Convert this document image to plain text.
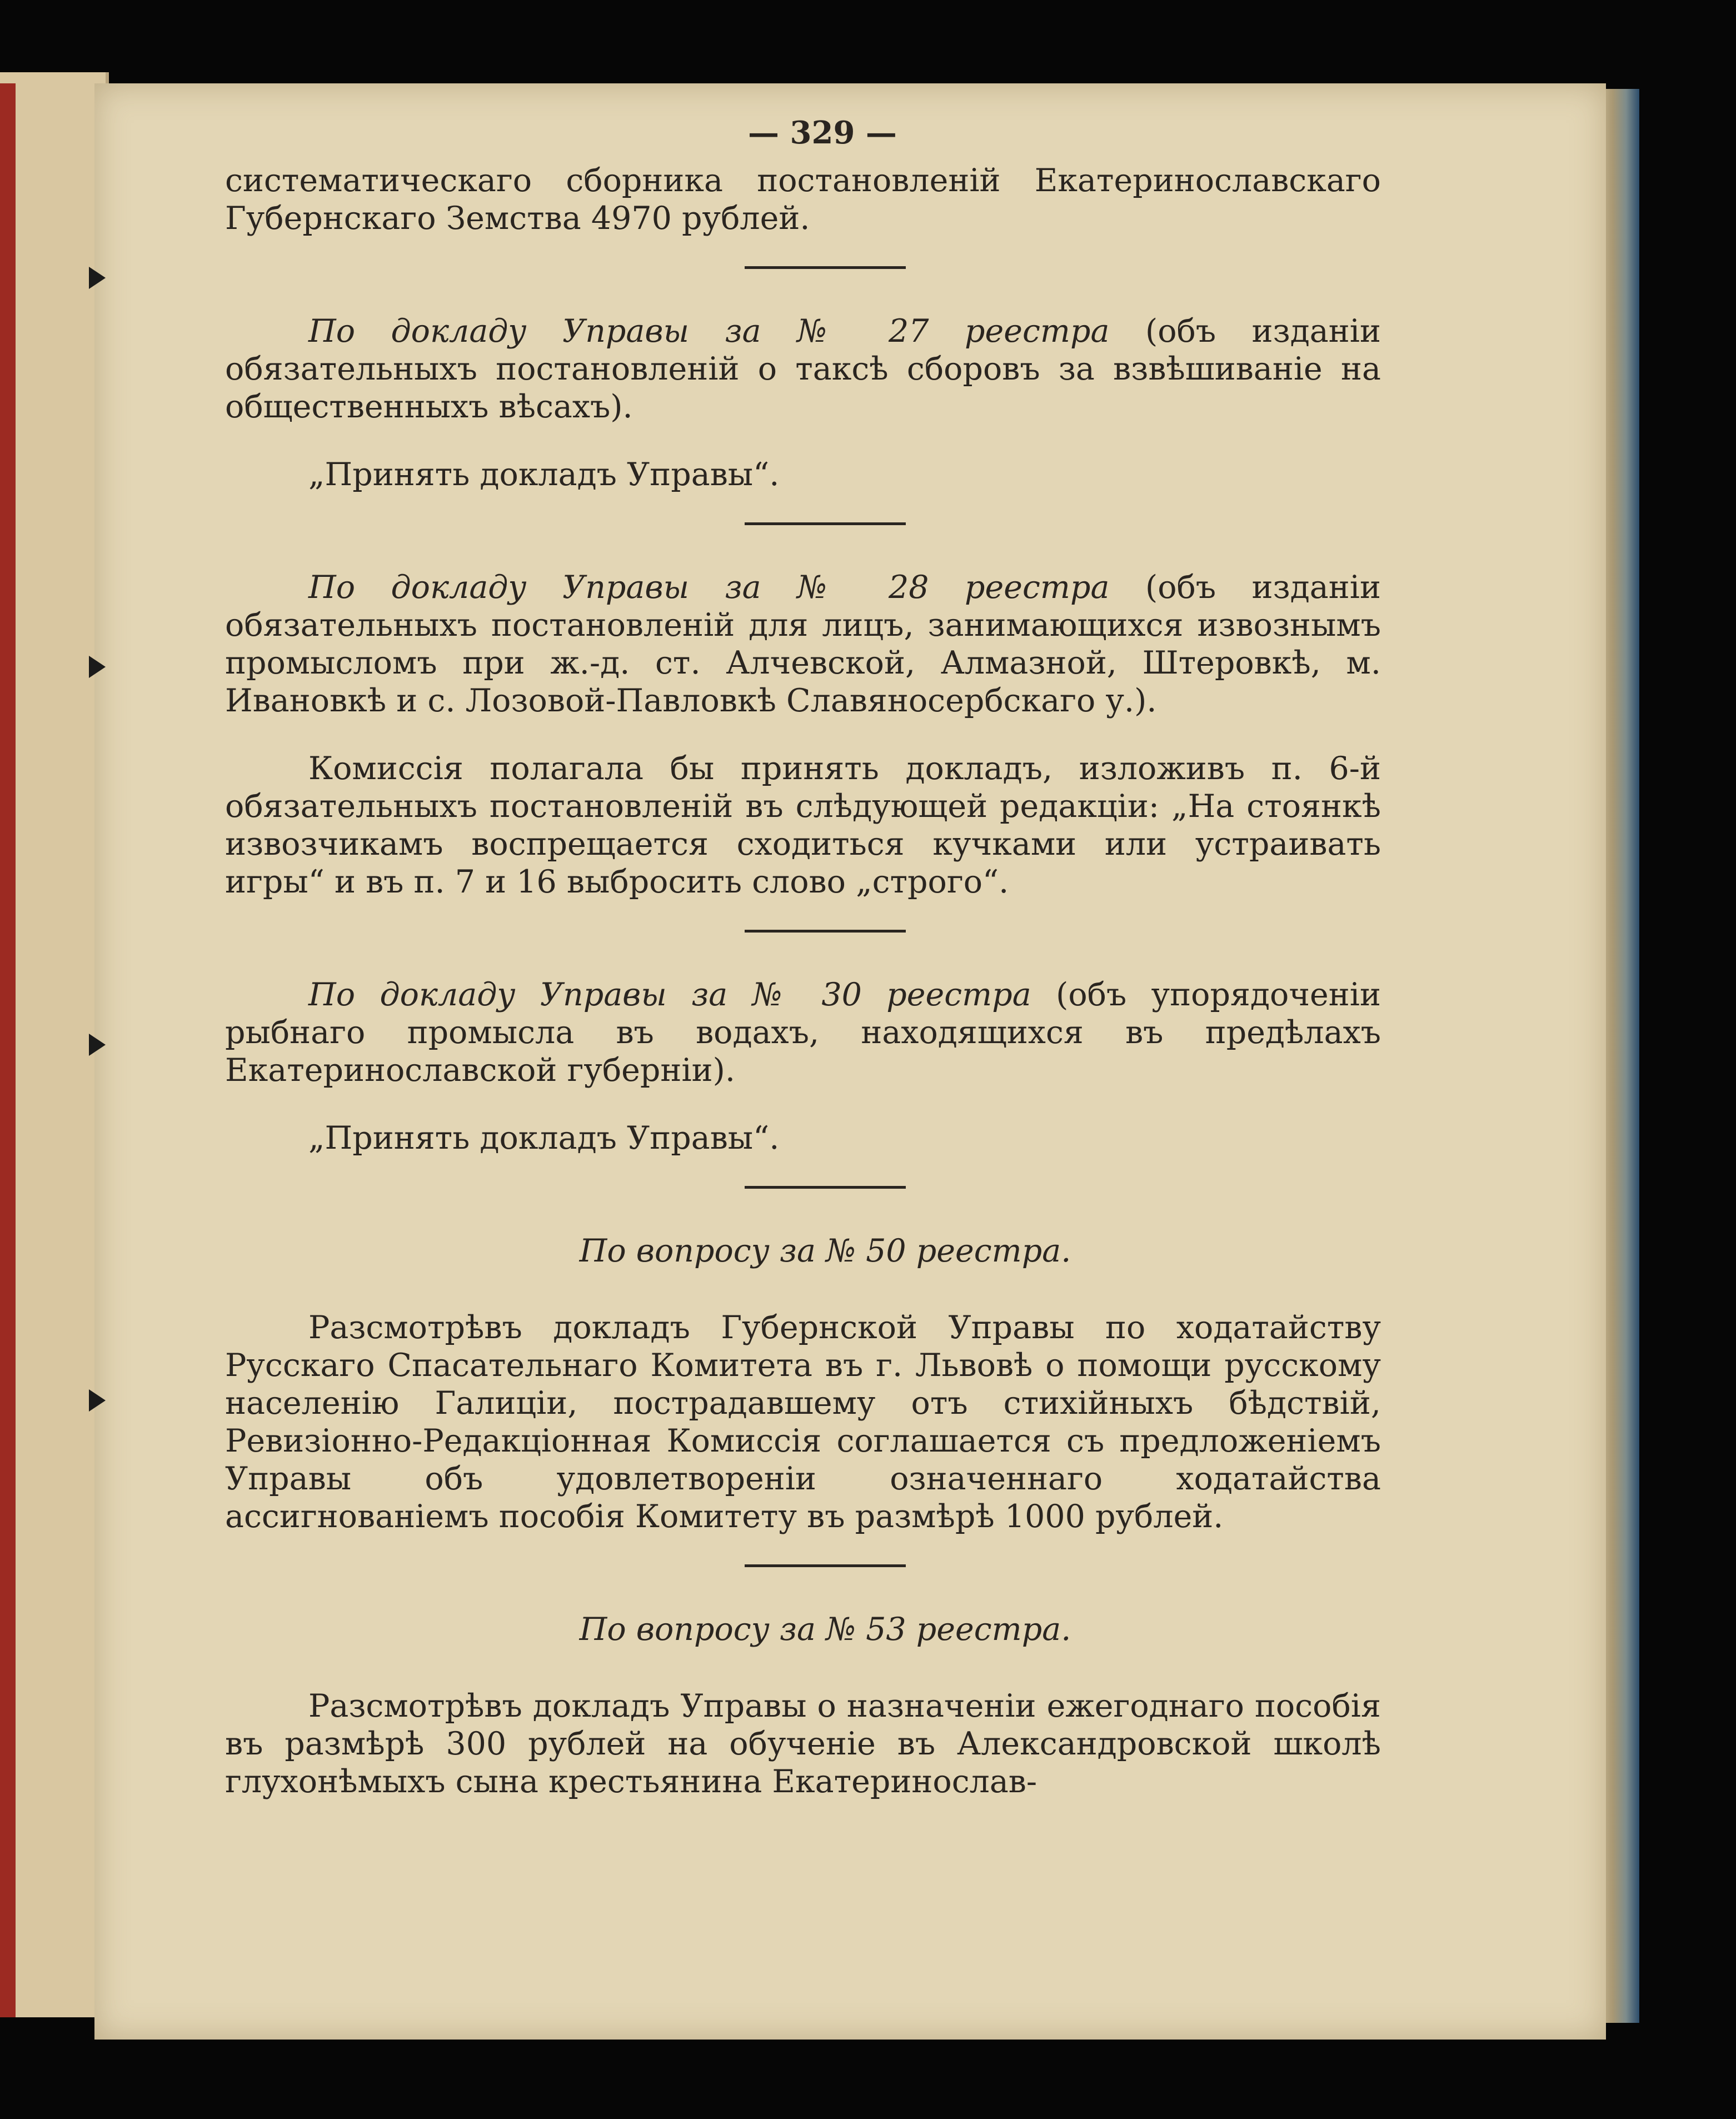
— 329 —

систематическаго сборника постановленій Екатеринославскаго Губернскаго Земства 4970 рублей.

По докладу Управы за № 27 реестра (объ изданіи обязательныхъ постановленій о таксѣ сборовъ за взвѣшиваніе на общественныхъ вѣсахъ).

„Принять докладъ Управы“.

По докладу Управы за № 28 реестра (объ изданіи обязательныхъ постановленій для лицъ, занимающихся извознымъ промысломъ при ж.-д. ст. Алчевской, Алмазной, Штеровкѣ, м. Ивановкѣ и с. Лозовой-Павловкѣ Славяносербскаго у.).

Комиссія полагала бы принять докладъ, изложивъ п. 6-й обязательныхъ постановленій въ слѣдующей редакціи: „На стоянкѣ извозчикамъ воспрещается сходиться кучками или устраивать игры“ и въ п. 7 и 16 выбросить слово „строго“.

По докладу Управы за № 30 реестра (объ упорядоченіи рыбнаго промысла въ водахъ, находящихся въ предѣлахъ Екатеринославской губерніи).

„Принять докладъ Управы“.

По вопросу за № 50 реестра.

Разсмотрѣвъ докладъ Губернской Управы по ходатайству Русскаго Спасательнаго Комитета въ г. Львовѣ о помощи русскому населенію Галиціи, пострадавшему отъ стихійныхъ бѣдствій, Ревизіонно-Редакціонная Комиссія соглашается съ предложеніемъ Управы объ удовлетвореніи означеннаго ходатайства ассигнованіемъ пособія Комитету въ размѣрѣ 1000 рублей.

По вопросу за № 53 реестра.

Разсмотрѣвъ докладъ Управы о назначеніи ежегоднаго пособія въ размѣрѣ 300 рублей на обученіе въ Александровской школѣ глухонѣмыхъ сына крестьянина Екатеринослав-
